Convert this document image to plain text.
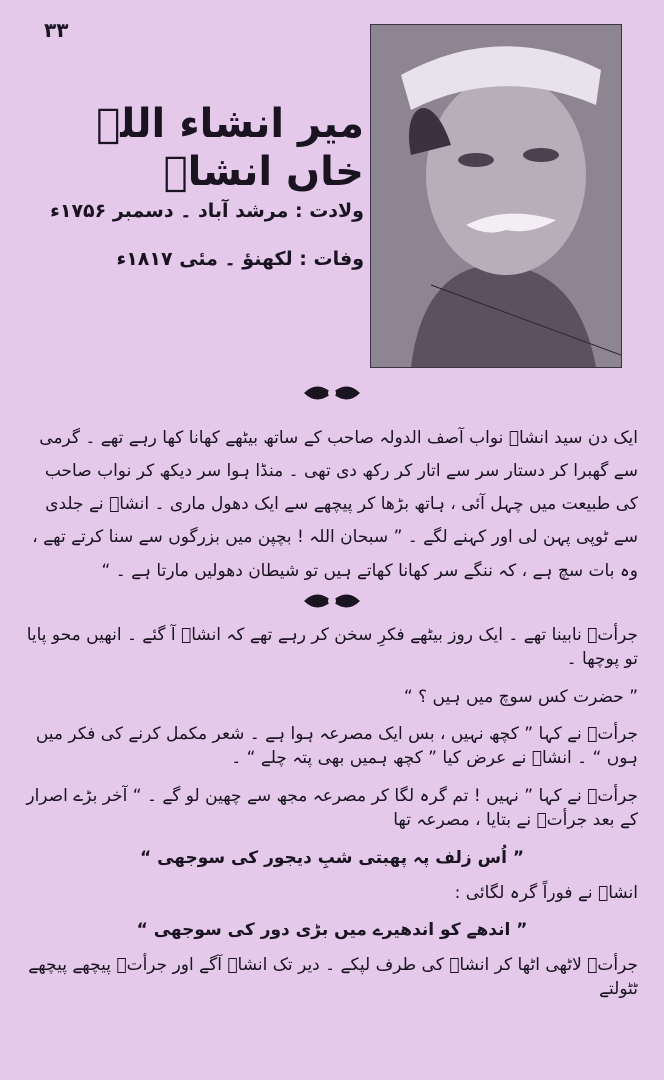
۳۳
میر انشاء اللہ خاں انشاؔ
ولادت : مرشد آباد ۔ دسمبر ۱۷۵۶ء
وفات : لکھنؤ ۔ مئی ۱۸۱۷ء
ایک دن سید انشاؔ نواب آصف الدولہ صاحب کے ساتھ بیٹھے کھانا کھا رہے تھے ۔ گرمی سے گھبرا کر دستار سر سے اتار کر رکھ دی تھی ۔ منڈا ہوا سر دیکھ کر نواب صاحب کی طبیعت میں چہل آئی ، ہاتھ بڑھا کر پیچھے سے ایک دھول ماری ۔ انشاؔ نے جلدی سے ٹوپی پہن لی اور کہنے لگے ۔ ” سبحان اللہ ! بچپن میں بزرگوں سے سنا کرتے تھے ، وہ بات سچ ہے ، کہ ننگے سر کھانا کھاتے ہیں تو شیطان دھولیں مارتا ہے ۔ “
جرأتؔ نابینا تھے ۔ ایک روز بیٹھے فکرِ سخن کر رہے تھے کہ انشاؔ آ گئے ۔ انھیں محو پایا تو پوچھا ۔
” حضرت کس سوچ میں ہیں ؟ “
جرأتؔ نے کہا ” کچھ نہیں ، بس ایک مصرعہ ہوا ہے ۔ شعر مکمل کرنے کی فکر میں ہوں “ ۔ انشاؔ نے عرض کیا ” کچھ ہمیں بھی پتہ چلے “ ۔
جرأتؔ نے کہا ” نہیں ! تم گرہ لگا کر مصرعہ مجھ سے چھین لو گے ۔ “ آخر بڑے اصرار کے بعد جرأتؔ نے بتایا ، مصرعہ تھا
” اُس زلف پہ پھبتی شبِ دیجور کی سوجھی “
انشاؔ نے فوراً گرہ لگائی :
” اندھے کو اندھیرے میں بڑی دور کی سوجھی “
جرأتؔ لاٹھی اٹھا کر انشاؔ کی طرف لپکے ۔ دیر تک انشاؔ آگے اور جرأتؔ پیچھے پیچھے ٹٹولتے
